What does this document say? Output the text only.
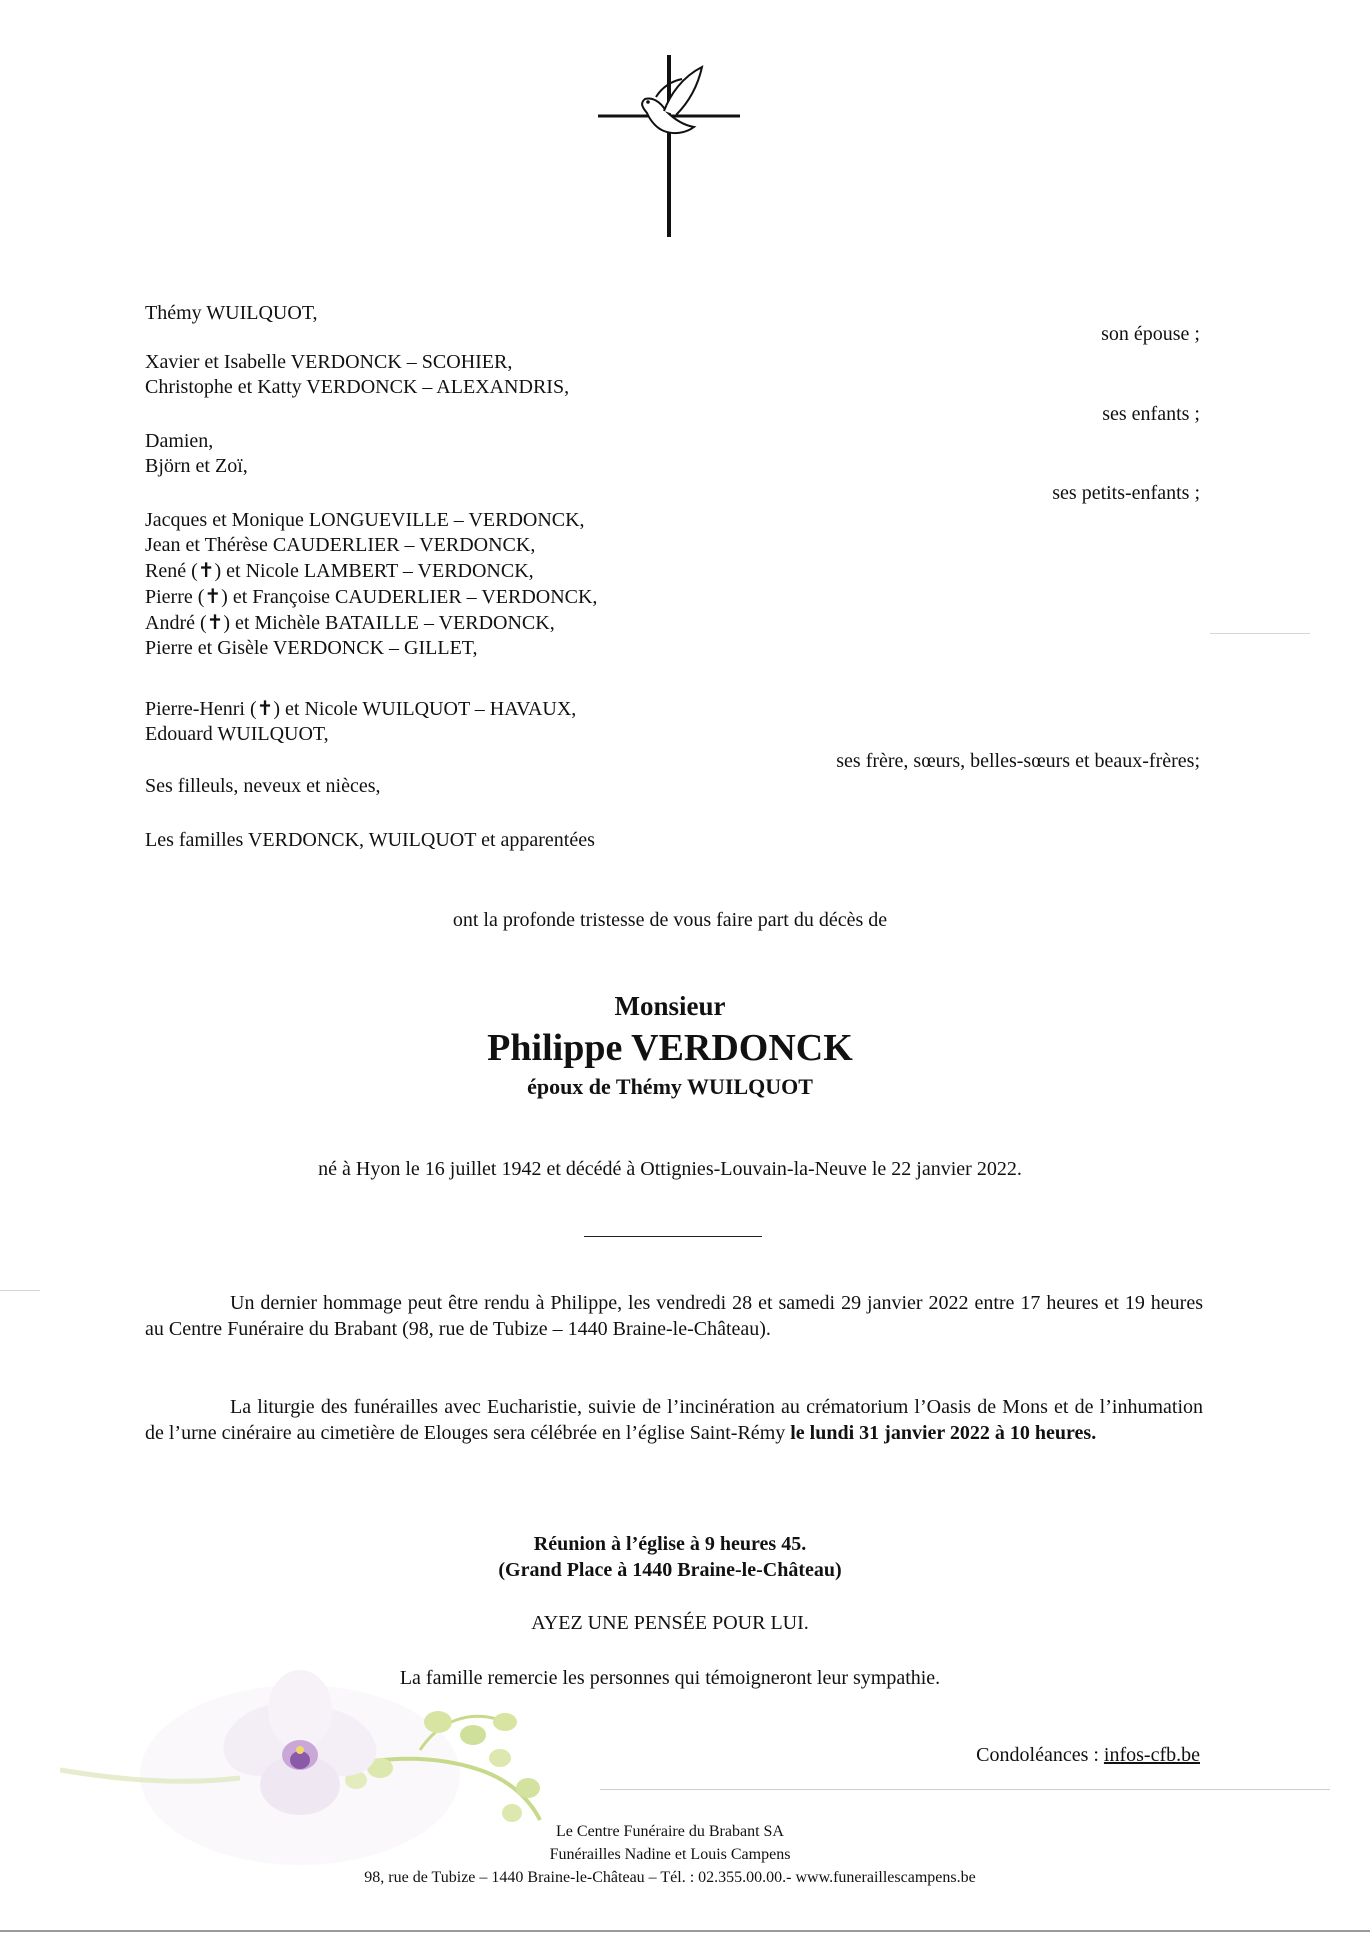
Thémy WUILQUOT,
Xavier et Isabelle VERDONCK – SCOHIER,
Christophe et Katty VERDONCK – ALEXANDRIS,
Damien,
Björn et Zoï,
Jacques et Monique LONGUEVILLE – VERDONCK,
Jean et Thérèse CAUDERLIER – VERDONCK,
René (✝) et Nicole LAMBERT – VERDONCK,
Pierre (✝) et Françoise CAUDERLIER – VERDONCK,
André (✝) et Michèle BATAILLE – VERDONCK,
Pierre et Gisèle VERDONCK – GILLET,
Pierre-Henri (✝) et Nicole WUILQUOT – HAVAUX,
Edouard WUILQUOT,
Ses filleuls, neveux et nièces,
Les familles VERDONCK, WUILQUOT et apparentées
son épouse ;
ses enfants ;
ses petits-enfants ;
ses frère, sœurs, belles-sœurs et beaux-frères;
ont la profonde tristesse de vous faire part du décès de
Monsieur
Philippe VERDONCK
époux de Thémy WUILQUOT
né à Hyon le 16 juillet 1942 et décédé à Ottignies-Louvain-la-Neuve le 22 janvier 2022.
Un dernier hommage peut être rendu à Philippe, les vendredi 28 et samedi 29 janvier 2022 entre 17 heures et 19 heures au Centre Funéraire du Brabant (98, rue de Tubize – 1440 Braine-le-Château).
La liturgie des funérailles avec Eucharistie, suivie de l’incinération au crématorium l’Oasis de Mons et de l’inhumation de l’urne cinéraire au cimetière de Elouges sera célébrée en l’église Saint-Rémy le lundi 31 janvier 2022 à 10 heures.
Réunion à l’église à 9 heures 45.
(Grand Place à 1440 Braine-le-Château)
AYEZ UNE PENSÉE POUR LUI.
La famille remercie les personnes qui témoigneront leur sympathie.
Condoléances : infos-cfb.be
Le Centre Funéraire du Brabant SA
Funérailles Nadine et Louis Campens
98, rue de Tubize – 1440 Braine-le-Château – Tél. : 02.355.00.00.- www.funeraillescampens.be
